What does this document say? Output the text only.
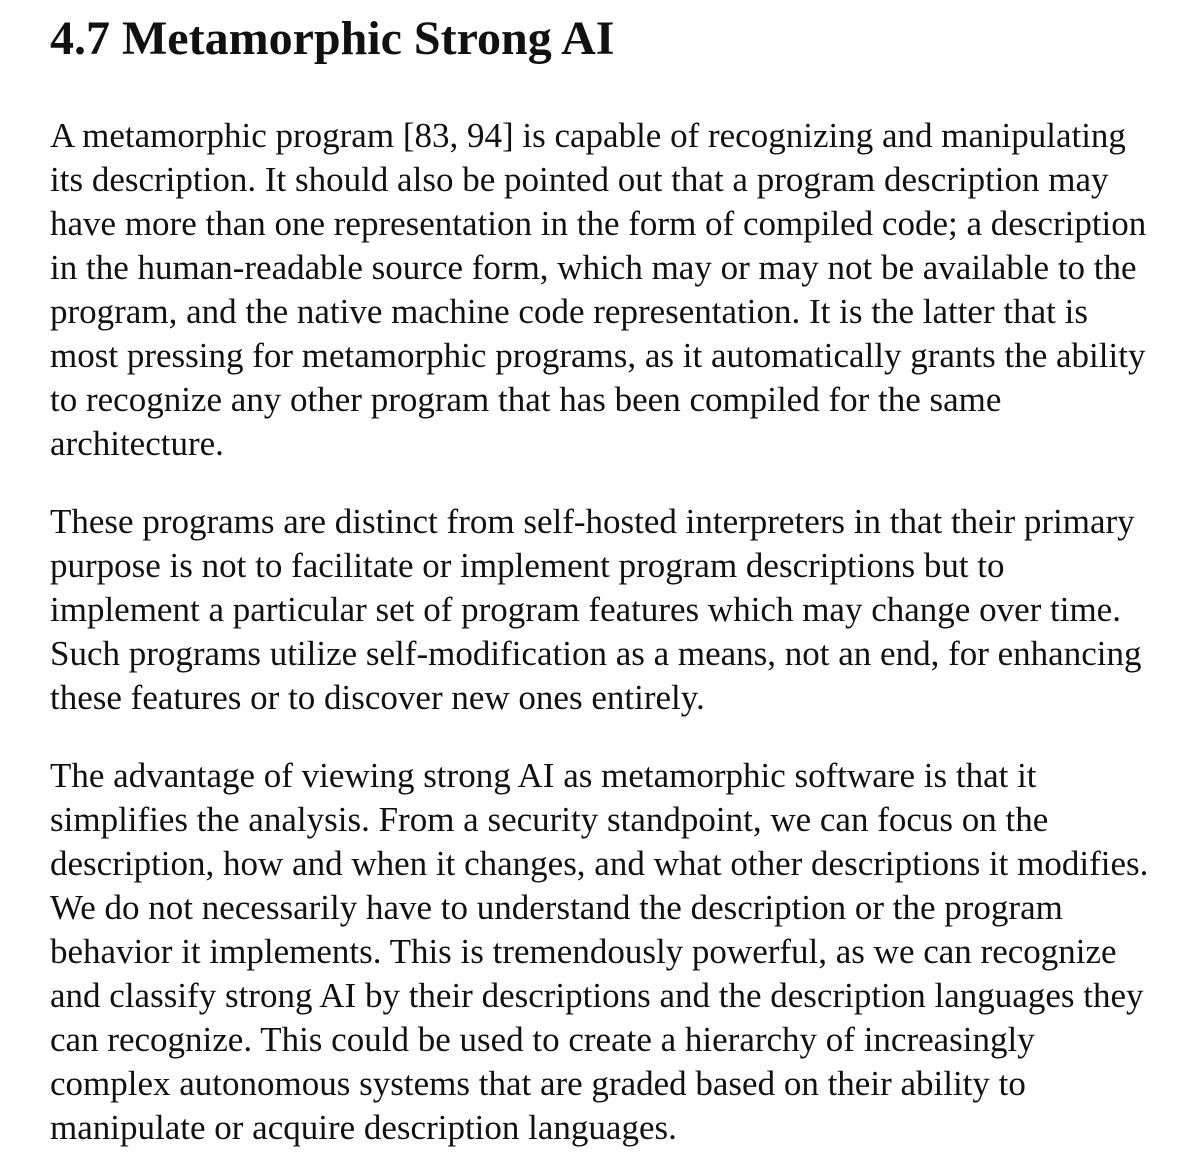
4.7 Metamorphic Strong AI

A metamorphic program [83, 94] is capable of recognizing and manipulating its description. It should also be pointed out that a program description may have more than one representation in the form of compiled code; a description in the human-readable source form, which may or may not be available to the program, and the native machine code representation. It is the latter that is most pressing for metamorphic programs, as it automatically grants the ability to recognize any other program that has been compiled for the same architecture.

These programs are distinct from self-hosted interpreters in that their primary purpose is not to facilitate or implement program descriptions but to implement a particular set of program features which may change over time. Such programs utilize self-modification as a means, not an end, for enhancing these features or to discover new ones entirely.

The advantage of viewing strong AI as metamorphic software is that it simplifies the analysis. From a security standpoint, we can focus on the description, how and when it changes, and what other descriptions it modifies. We do not necessarily have to understand the description or the program behavior it implements. This is tremendously powerful, as we can recognize and classify strong AI by their descriptions and the description languages they can recognize. This could be used to create a hierarchy of increasingly complex autonomous systems that are graded based on their ability to manipulate or acquire description languages.
